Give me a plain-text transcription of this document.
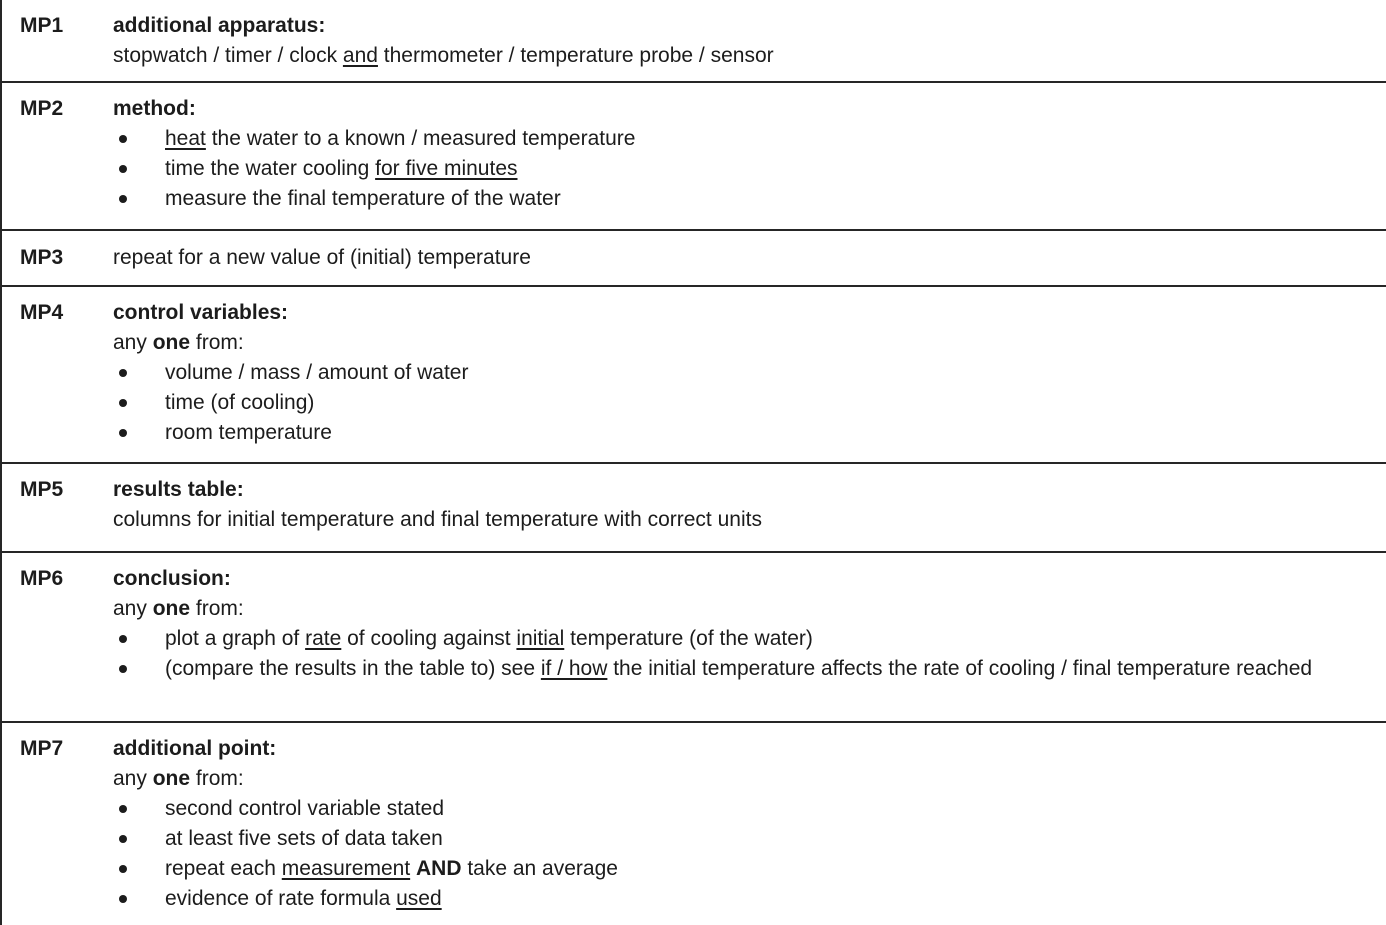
MP1	additional apparatus:
stopwatch / timer / clock and thermometer / temperature probe / sensor
MP2	method:
heat the water to a known / measured temperature
time the water cooling for five minutes
measure the final temperature of the water
MP3	repeat for a new value of (initial) temperature
MP4	control variables:
any one from:
volume / mass / amount of water
time (of cooling)
room temperature
MP5	results table:
columns for initial temperature and final temperature with correct units
MP6	conclusion:
any one from:
plot a graph of rate of cooling against initial temperature (of the water)
(compare the results in the table to) see if / how the initial temperature affects the rate of cooling / final temperature reached
MP7	additional point:
any one from:
second control variable stated
at least five sets of data taken
repeat each measurement AND take an average
evidence of rate formula used
